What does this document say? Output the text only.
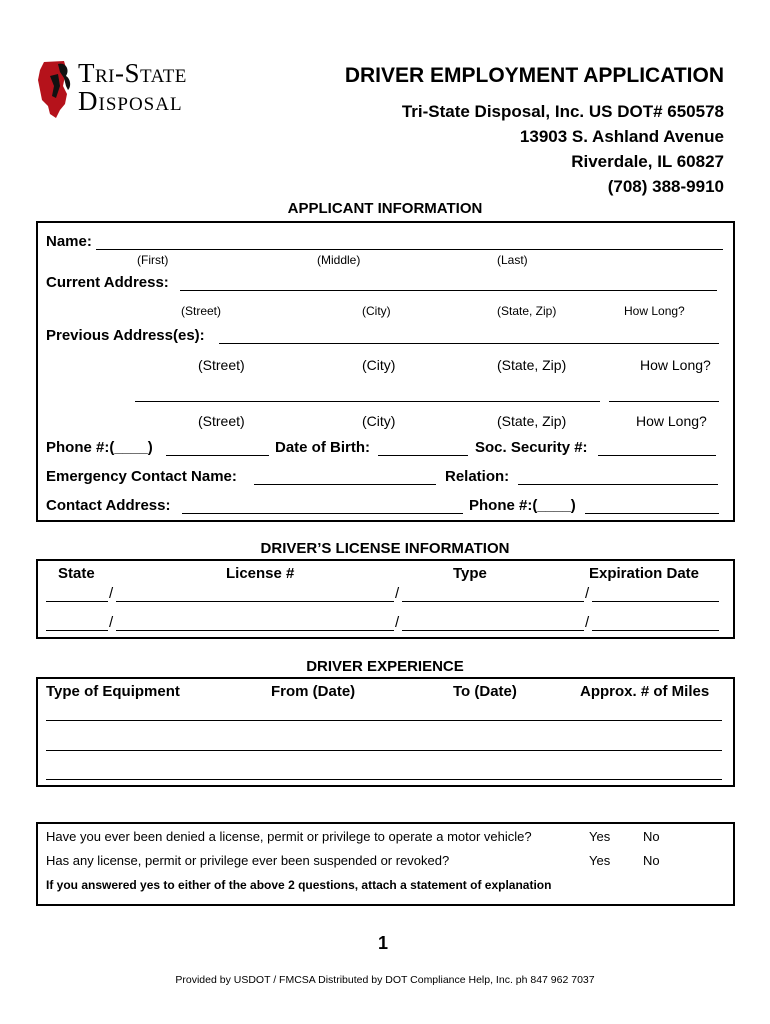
Tri-State
Disposal
DRIVER EMPLOYMENT APPLICATION
Tri-State Disposal, Inc. US DOT# 650578
13903 S. Ashland Avenue
Riverdale, IL 60827
(708) 388-9910
APPLICANT INFORMATION
Name:
(First)	(Middle)	(Last)
Current Address:
(Street)	(City)	(State, Zip)	How Long?
Previous Address(es):
(Street)	(City)	(State, Zip)	How Long?
(Street)	(City)	(State, Zip)	How Long?
Phone #:(____)	Date of Birth:	Soc. Security #:
Emergency Contact Name:	Relation:
Contact Address:	Phone #:(____)
DRIVER’S LICENSE INFORMATION
State	License #	Type	Expiration Date
/	/	/
/	/	/
DRIVER EXPERIENCE
Type of Equipment	From (Date)	To (Date)	Approx. # of Miles
Have you ever been denied a license, permit or privilege to operate a motor vehicle?	Yes	No
Has any license, permit or privilege ever been suspended or revoked?	Yes	No
If you answered yes to either of the above 2 questions, attach a statement of explanation
1
Provided by USDOT / FMCSA Distributed by DOT Compliance Help, Inc. ph 847 962 7037
